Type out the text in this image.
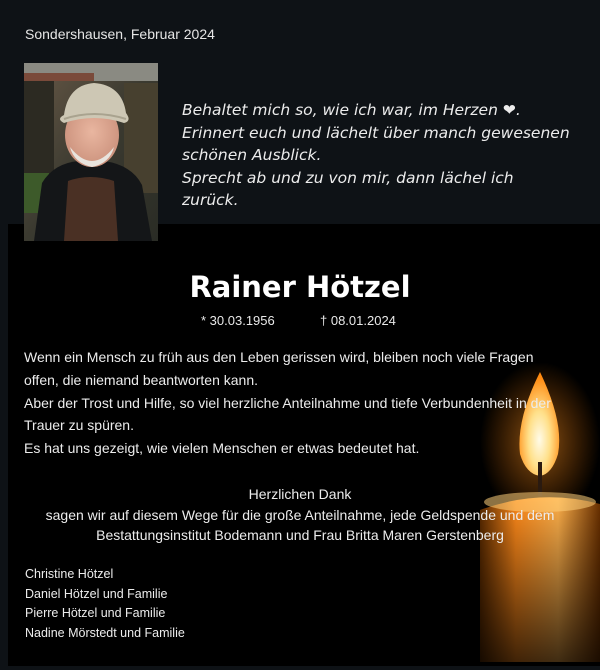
Sondershausen, Februar 2024
Behaltet mich so, wie ich war, im Herzen ❤.
Erinnert euch und lächelt über manch gewesenen
schönen Ausblick.
Sprecht ab und zu von mir, dann lächel ich
zurück.
Rainer Hötzel
* 30.03.1956	† 08.01.2024
Wenn ein Mensch zu früh aus den Leben gerissen wird, bleiben noch viele Fragen
offen, die niemand beantworten kann.
Aber der Trost und Hilfe, so viel herzliche Anteilnahme und tiefe Verbundenheit in der
Trauer zu spüren.
Es hat uns gezeigt, wie vielen Menschen er etwas bedeutet hat.
Herzlichen Dank
sagen wir auf diesem Wege für die große Anteilnahme, jede Geldspende und dem
Bestattungsinstitut Bodemann und Frau Britta Maren Gerstenberg
Christine Hötzel
Daniel Hötzel und Familie
Pierre Hötzel und Familie
Nadine Mörstedt und Familie
